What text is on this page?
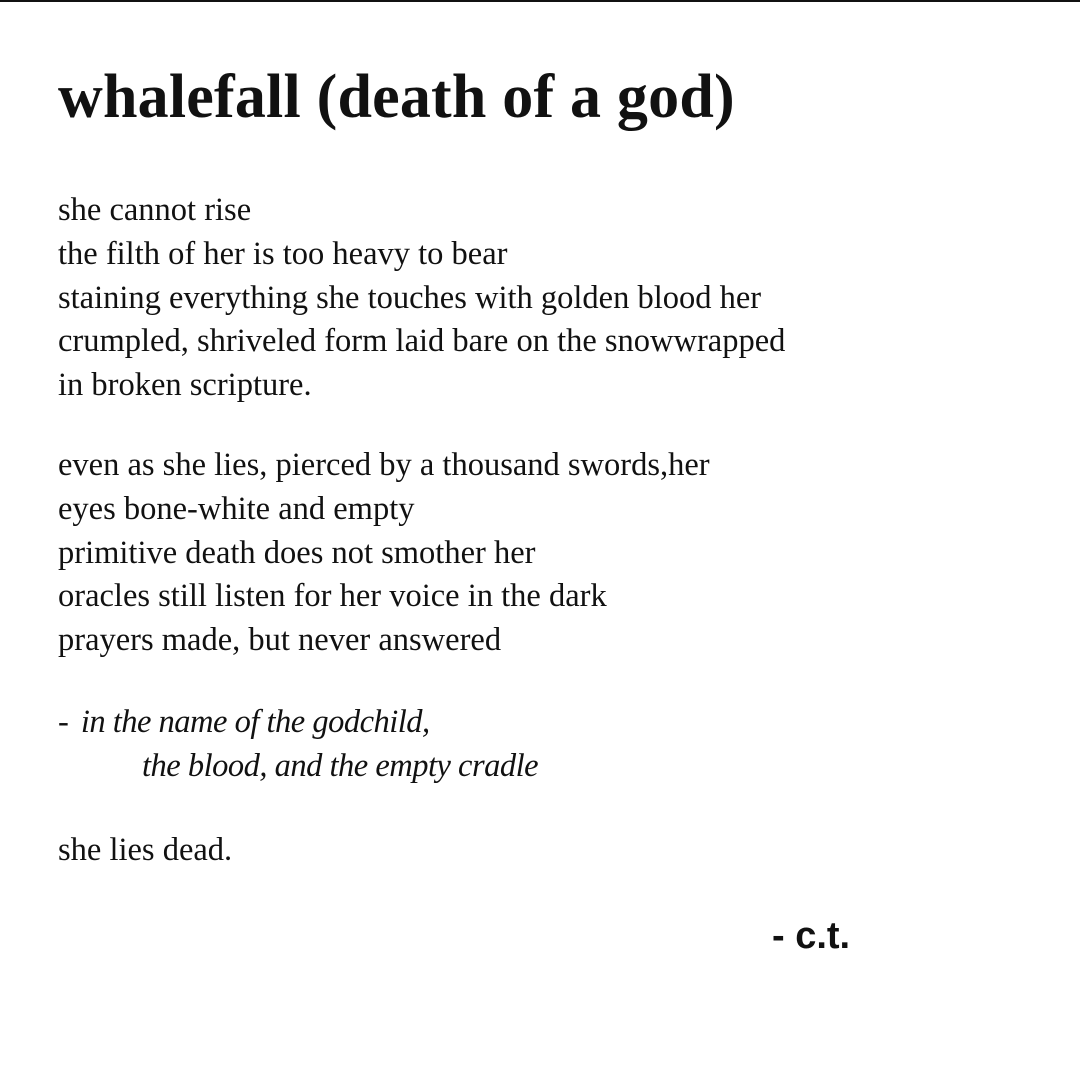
whalefall (death of a god)

she cannot rise
the filth of her is too heavy to bear
staining everything she touches with golden blood her
crumpled, shriveled form laid bare on the snowwrapped
in broken scripture.

even as she lies, pierced by a thousand swords,her
eyes bone-white and empty
primitive death does not smother her
oracles still listen for her voice in the dark
prayers made, but never answered

- in the name of the godchild,
the blood, and the empty cradle

she lies dead.

- c.t.
